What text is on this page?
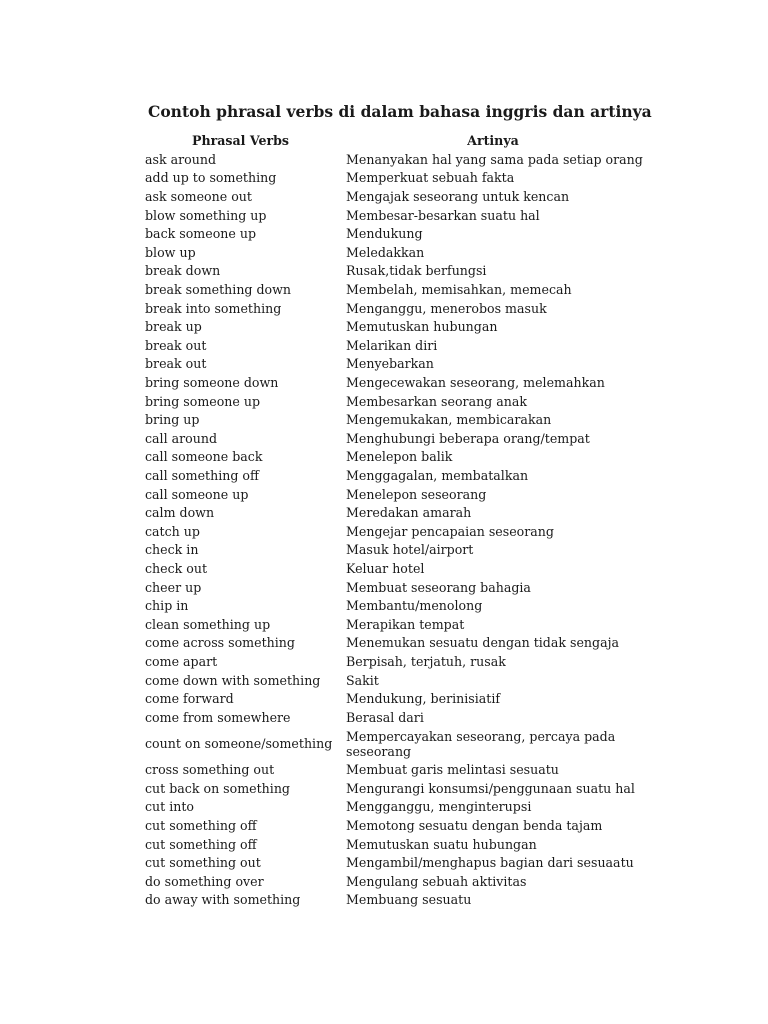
Contoh phrasal verbs di dalam bahasa inggris dan artinya
Phrasal Verbs	Artinya
ask around	Menanyakan hal yang sama pada setiap orang
add up to something	Memperkuat sebuah fakta
ask someone out	Mengajak seseorang untuk kencan
blow something up	Membesar-besarkan suatu hal
back someone up	Mendukung
blow up	Meledakkan
break down	Rusak,tidak berfungsi
break something down	Membelah, memisahkan, memecah
break into something	Menganggu, menerobos masuk
break up	Memutuskan hubungan
break out	Melarikan diri
break out	Menyebarkan
bring someone down	Mengecewakan seseorang, melemahkan
bring someone up	Membesarkan seorang anak
bring up	Mengemukakan, membicarakan
call around	Menghubungi beberapa orang/tempat
call someone back	Menelepon balik
call something off	Menggagalan, membatalkan
call someone up	Menelepon seseorang
calm down	Meredakan amarah
catch up	Mengejar pencapaian seseorang
check in	Masuk hotel/airport
check out	Keluar hotel
cheer up	Membuat seseorang bahagia
chip in	Membantu/menolong
clean something up	Merapikan tempat
come across something	Menemukan sesuatu dengan tidak sengaja
come apart	Berpisah, terjatuh, rusak
come down with something	Sakit
come forward	Mendukung, berinisiatif
come from somewhere	Berasal dari
count on someone/something	Mempercayakan seseorang, percaya pada seseorang
cross something out	Membuat garis melintasi sesuatu
cut back on something	Mengurangi konsumsi/penggunaan suatu hal
cut into	Mengganggu, menginterupsi
cut something off	Memotong sesuatu dengan benda tajam
cut something off	Memutuskan suatu hubungan
cut something out	Mengambil/menghapus bagian dari sesuaatu
do something over	Mengulang sebuah aktivitas
do away with something	Membuang sesuatu
